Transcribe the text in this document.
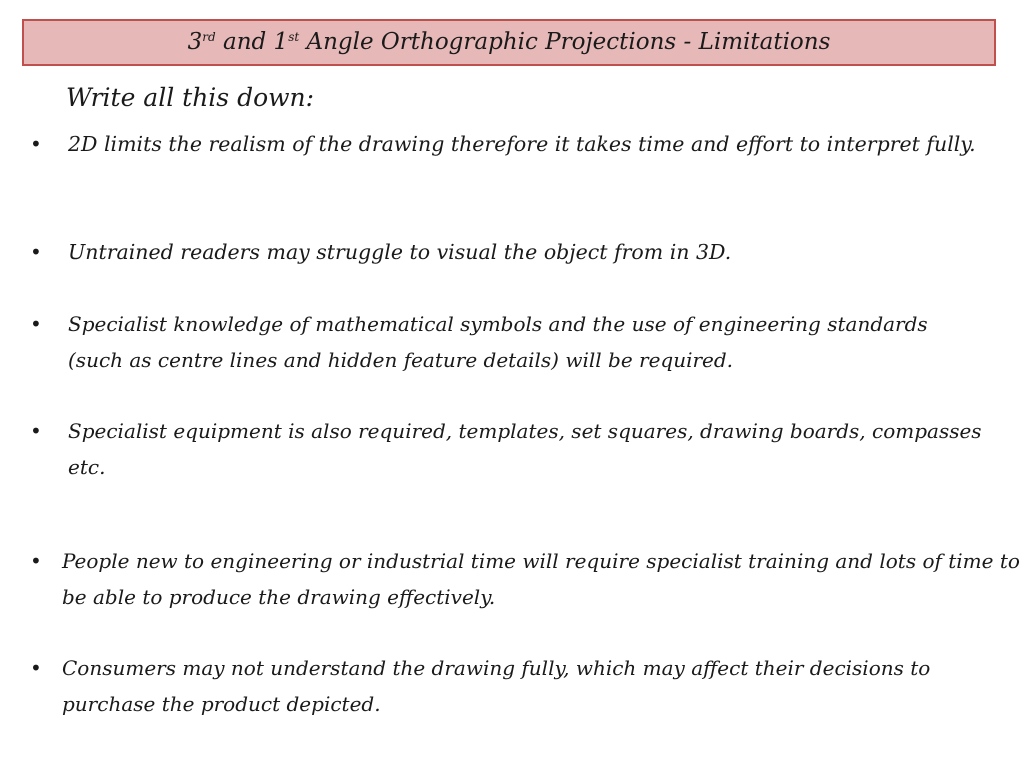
3rd and 1st Angle Orthographic Projections - Limitations

Write all this down:

•	2D limits the realism of the drawing therefore it takes time and effort to interpret fully.
•	Untrained readers may struggle to visual the object from in 3D.
•	Specialist knowledge of mathematical symbols and the use of engineering standards (such as centre lines and hidden feature details) will be required.
•	Specialist equipment is also required, templates, set squares, drawing boards, compasses etc.
•	People new to engineering or industrial time will require specialist training and lots of time to be able to produce the drawing effectively.
•	Consumers may not understand the drawing fully, which may affect their decisions to purchase the product depicted.
